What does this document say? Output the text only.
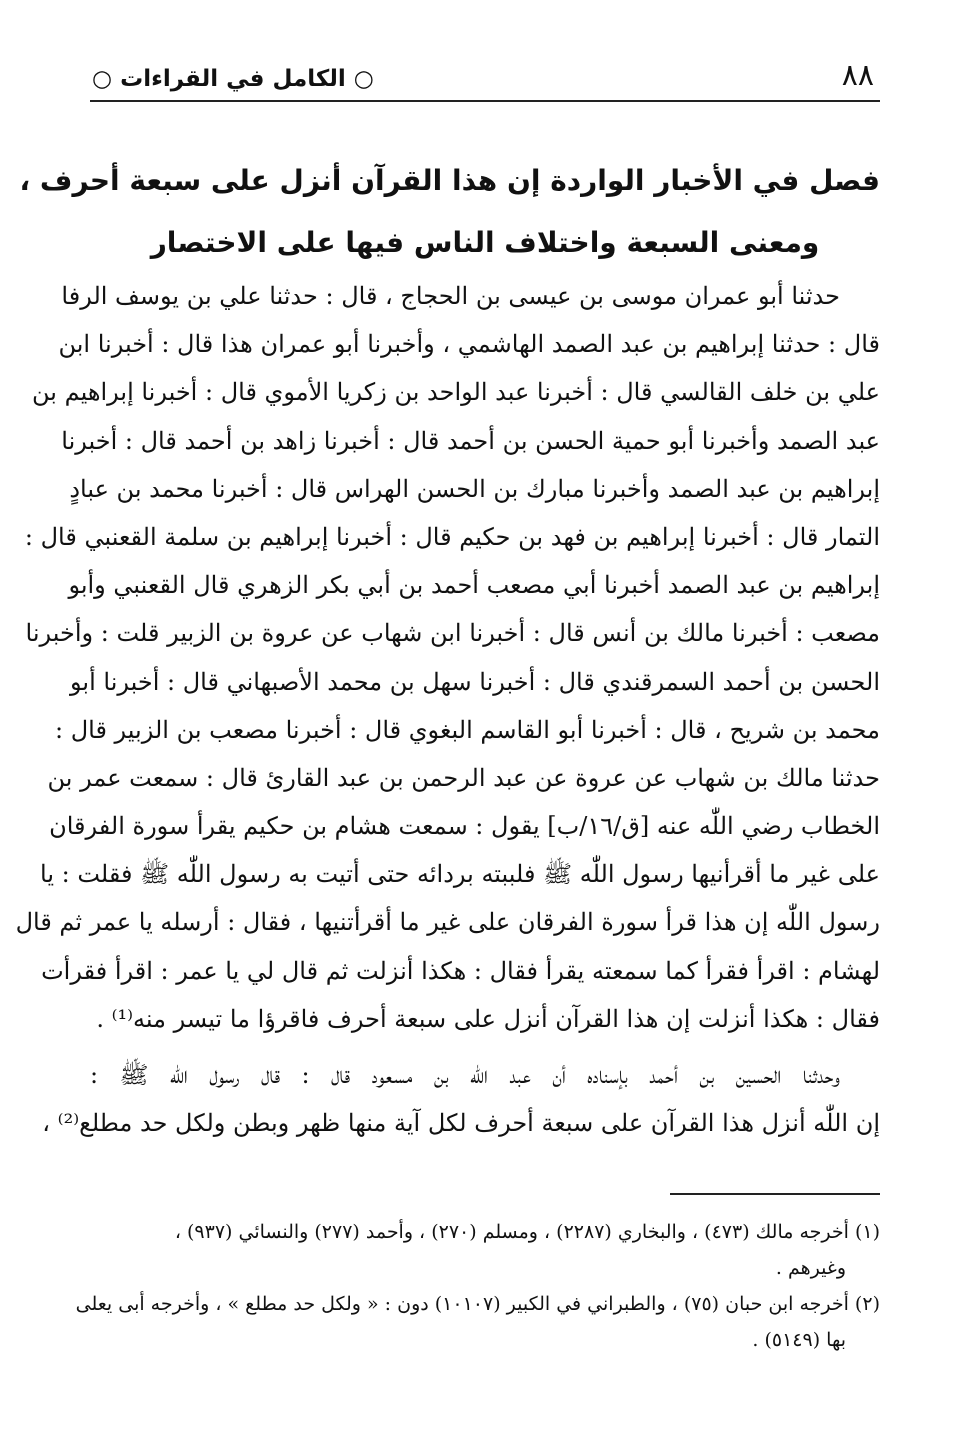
٨٨
○ الكامل في القراءات ○
فصل في الأخبار الواردة إن هذا القرآن أنزل على سبعة أحرف ،
ومعنى السبعة واختلاف الناس فيها على الاختصار
حدثنا أبو عمران موسى بن عيسى بن الحجاج ، قال : حدثنا علي بن يوسف الرفا
قال : حدثنا إبراهيم بن عبد الصمد الهاشمي ، وأخبرنا أبو عمران هذا قال : أخبرنا ابن
علي بن خلف القالسي قال : أخبرنا عبد الواحد بن زكريا الأموي قال : أخبرنا إبراهيم بن
عبد الصمد وأخبرنا أبو حمية الحسن بن أحمد قال : أخبرنا زاهد بن أحمد قال : أخبرنا
إبراهيم بن عبد الصمد وأخبرنا مبارك بن الحسن الهراس قال : أخبرنا محمد بن عبادٍ
التمار قال : أخبرنا إبراهيم بن فهد بن حكيم قال : أخبرنا إبراهيم بن سلمة القعنبي قال :
إبراهيم بن عبد الصمد أخبرنا أبي مصعب أحمد بن أبي بكر الزهري قال القعنبي وأبو
مصعب : أخبرنا مالك بن أنس قال : أخبرنا ابن شهاب عن عروة بن الزبير قلت : وأخبرنا
الحسن بن أحمد السمرقندي قال : أخبرنا سهل بن محمد الأصبهاني قال : أخبرنا أبو
محمد بن شريح ، قال : أخبرنا أبو القاسم البغوي قال : أخبرنا مصعب بن الزبير قال :
حدثنا مالك بن شهاب عن عروة عن عبد الرحمن بن عبد القارئ قال : سمعت عمر بن
الخطاب رضي اللّٰه عنه [ق/١٦/ب] يقول : سمعت هشام بن حكيم يقرأ سورة الفرقان
على غير ما أقرأنيها رسول اللّٰه ﷺ فلببته بردائه حتى أتيت به رسول اللّٰه ﷺ فقلت : يا
رسول اللّٰه إن هذا قرأ سورة الفرقان على غير ما أقرأتنيها ، فقال : أرسله يا عمر ثم قال
لهشام : اقرأ فقرأ كما سمعته يقرأ فقال : هكذا أنزلت ثم قال لي يا عمر : اقرأ فقرأت
فقال : هكذا أنزلت إن هذا القرآن أنزل على سبعة أحرف فاقرؤا ما تيسر منه⁽¹⁾ .
وحدثنا الحسين بن أحمد بإسناده أن عبد اللّٰه بن مسعود قال : قال رسول اللّٰه ﷺ :
إن اللّٰه أنزل هذا القرآن على سبعة أحرف لكل آية منها ظهر وبطن ولكل حد مطلع⁽²⁾ ،
(١) أخرجه مالك (٤٧٣) ، والبخاري (٢٢٨٧) ، ومسلم (٢٧٠) ، وأحمد (٢٧٧) والنسائي (٩٣٧) ،
وغيرهم .
(٢) أخرجه ابن حبان (٧٥) ، والطبراني في الكبير (١٠١٠٧) دون : « ولكل حد مطلع » ، وأخرجه أبى يعلى
بها (٥١٤٩) .
